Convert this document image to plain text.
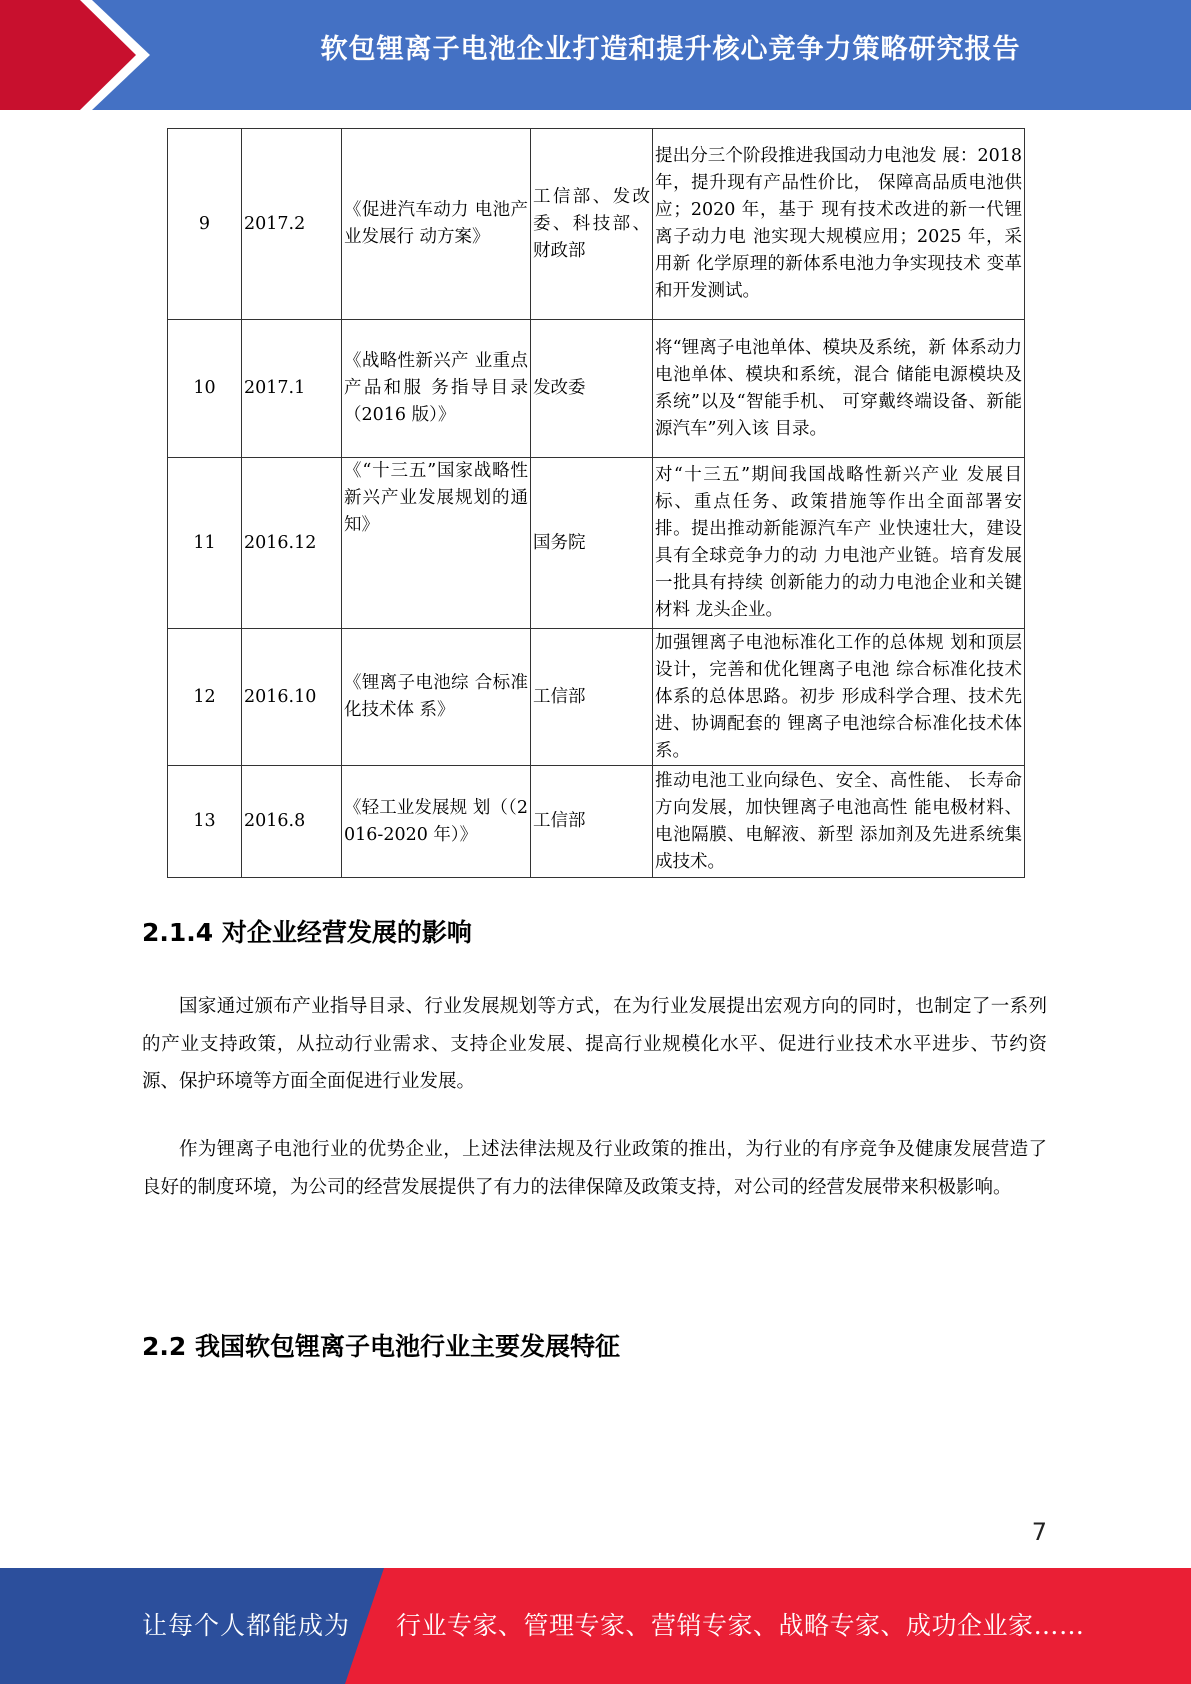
软包锂离子电池企业打造和提升核心竞争力策略研究报告
9	2017.2	《促进汽车动力 电池产业发展行 动方案》	工信部、发改委、科技部、财政部	提出分三个阶段推进我国动力电池发 展：2018 年，提升现有产品性价比， 保障高品质电池供应；2020 年，基于 现有技术改进的新一代锂离子动力电 池实现大规模应用；2025 年，采用新 化学原理的新体系电池力争实现技术 变革和开发测试。
10	2017.1	《战略性新兴产 业重点产品和服 务指导目录（2016 版）》	发改委	将“锂离子电池单体、模块及系统，新 体系动力电池单体、模块和系统，混合 储能电源模块及系统”以及“智能手机、 可穿戴终端设备、新能源汽车”列入该 目录。
11	2016.12	《“十三五”国家战略性新兴产业发展规划的通知》	国务院	对“十三五”期间我国战略性新兴产业 发展目标、重点任务、政策措施等作出全面部署安排。提出推动新能源汽车产 业快速壮大，建设具有全球竞争力的动 力电池产业链。培育发展一批具有持续 创新能力的动力电池企业和关键材料 龙头企业。
12	2016.10	《锂离子电池综 合标准化技术体 系》	工信部	加强锂离子电池标准化工作的总体规 划和顶层设计，完善和优化锂离子电池 综合标准化技术体系的总体思路。初步 形成科学合理、技术先进、协调配套的 锂离子电池综合标准化技术体系。
13	2016.8	《轻工业发展规 划（（2016-2020 年）》	工信部	推动电池工业向绿色、安全、高性能、 长寿命方向发展，加快锂离子电池高性 能电极材料、电池隔膜、电解液、新型 添加剂及先进系统集成技术。
2.1.4 对企业经营发展的影响

国家通过颁布产业指导目录、行业发展规划等方式，在为行业发展提出宏观方向的同时，也制定了一系列的产业支持政策，从拉动行业需求、支持企业发展、提高行业规模化水平、促进行业技术水平进步、节约资源、保护环境等方面全面促进行业发展。

作为锂离子电池行业的优势企业，上述法律法规及行业政策的推出，为行业的有序竞争及健康发展营造了良好的制度环境，为公司的经营发展提供了有力的法律保障及政策支持，对公司的经营发展带来积极影响。

2.2 我国软包锂离子电池行业主要发展特征
7
让每个人都能成为 行业专家、管理专家、营销专家、战略专家、成功企业家……
